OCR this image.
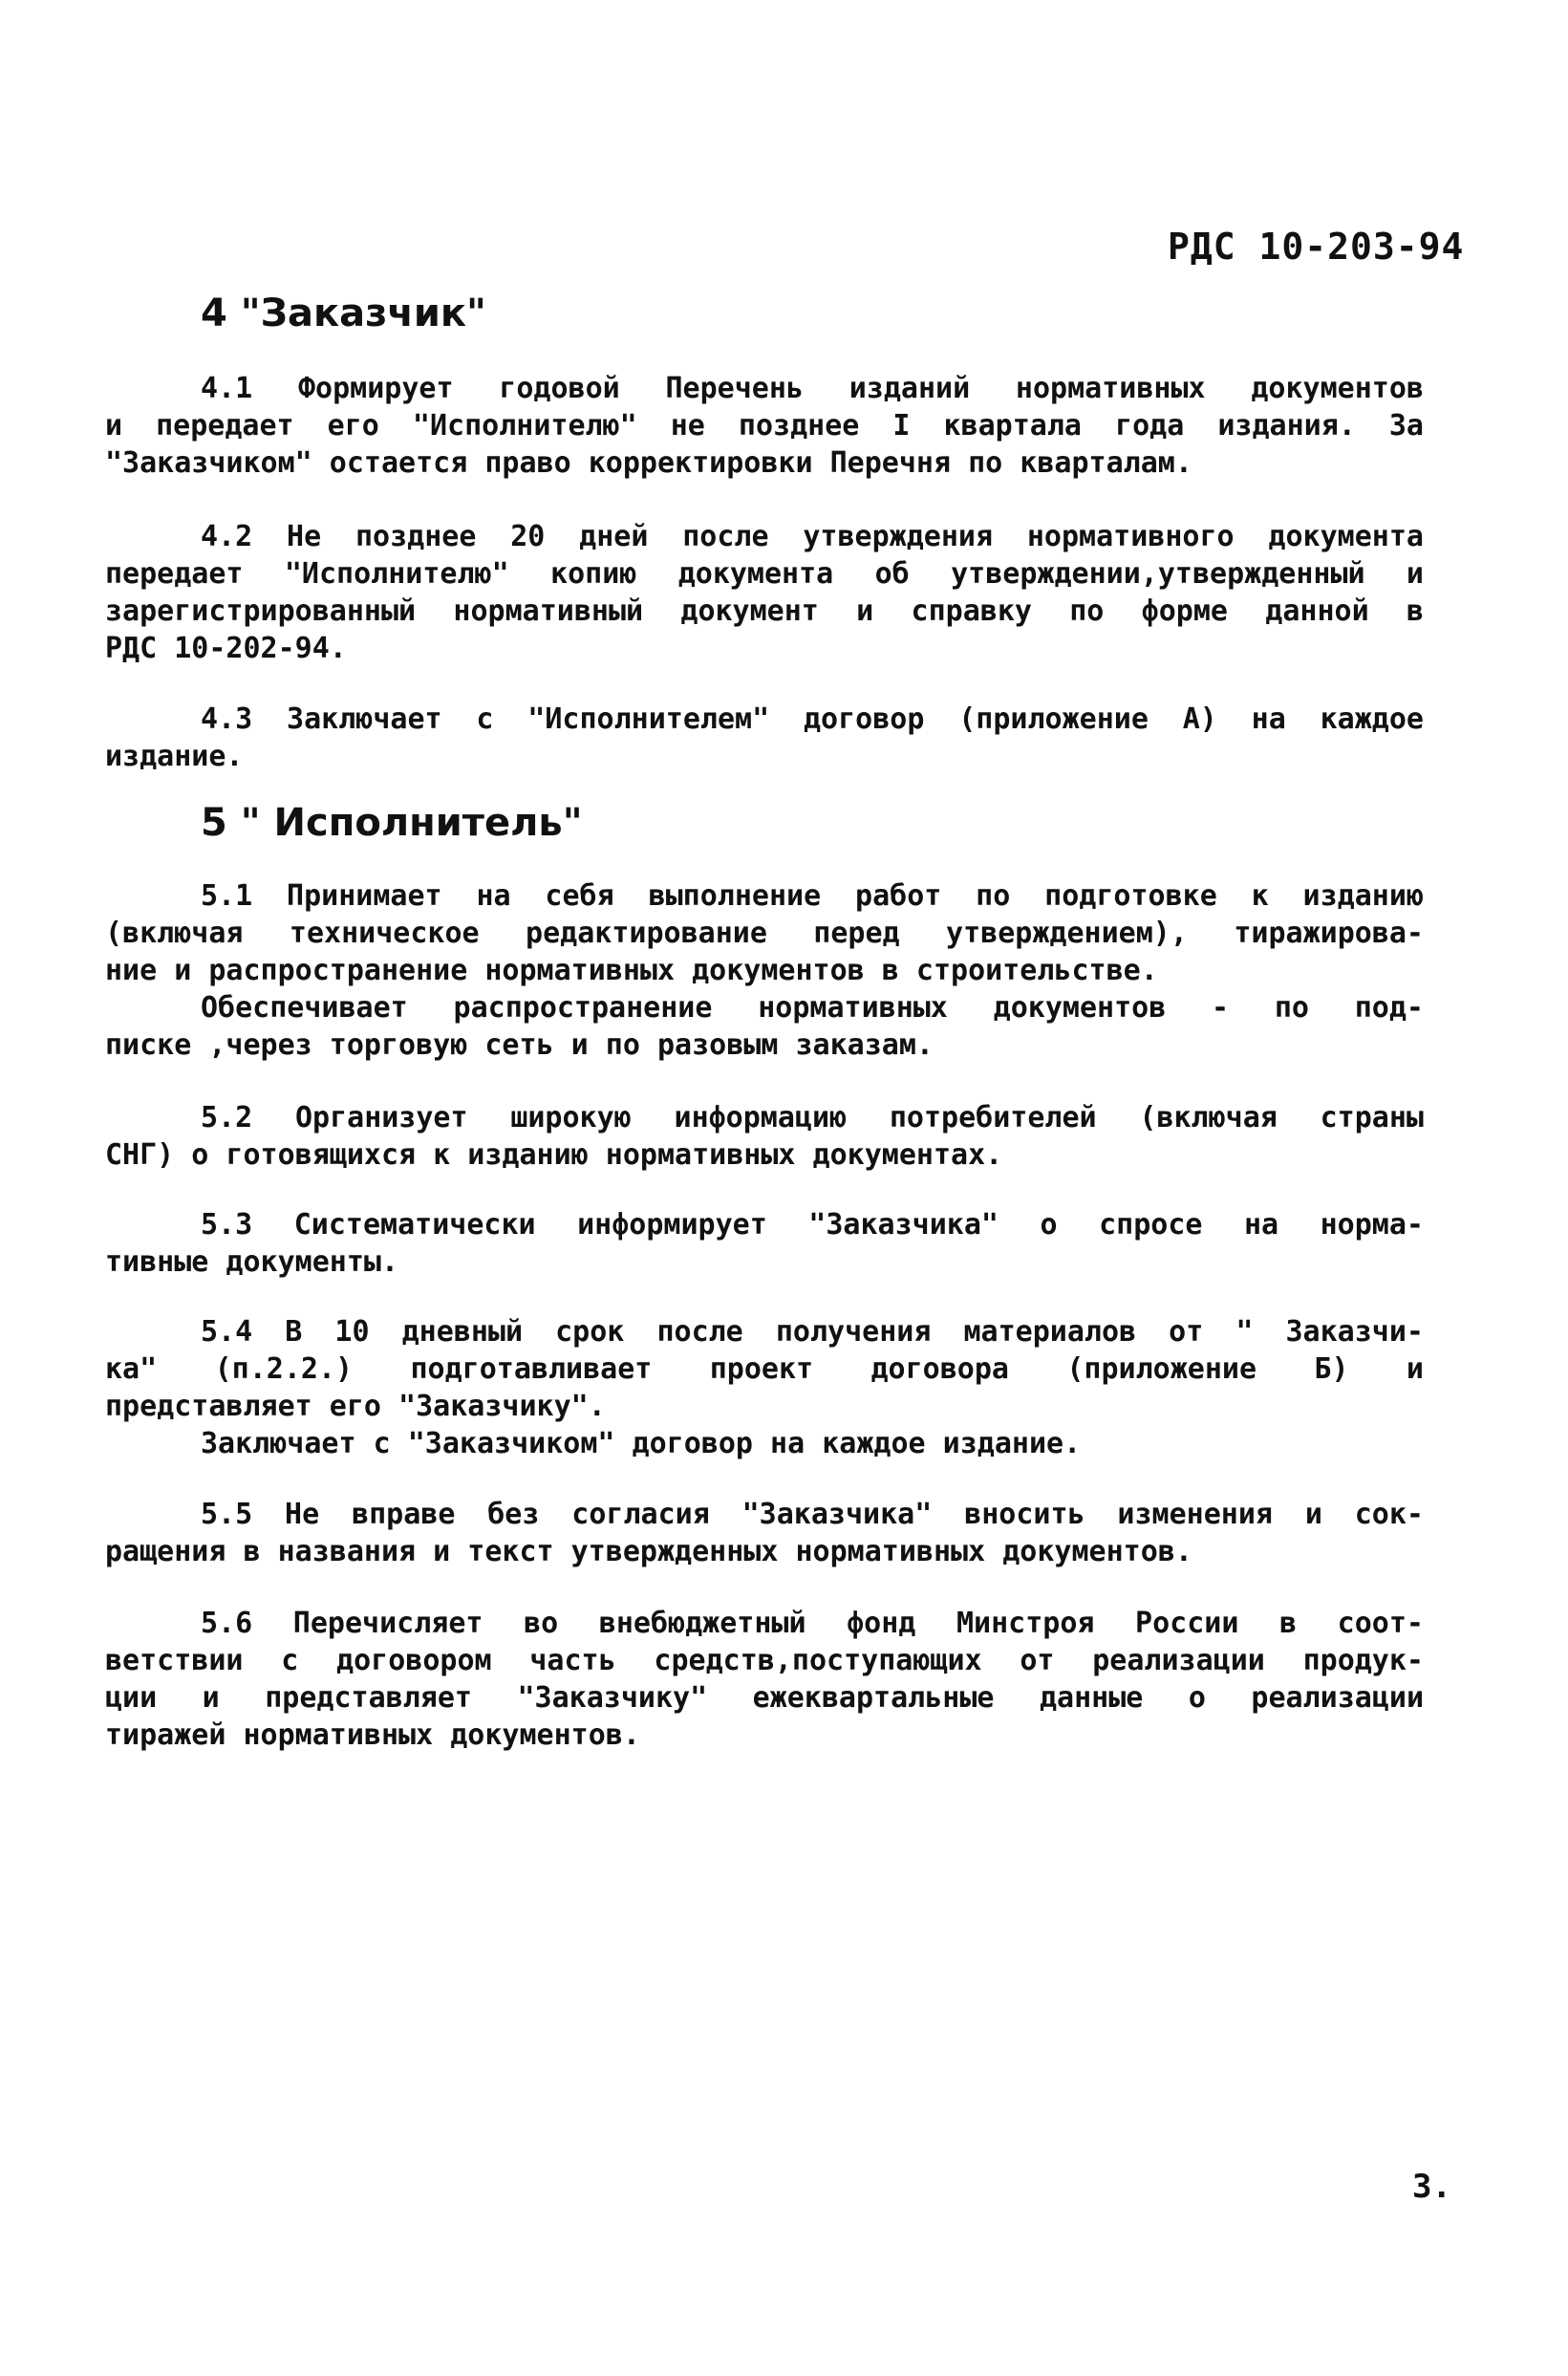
РДС 10-203-94
4 "Заказчик"
4.1 Формирует годовой Перечень изданий нормативных документов
и передает его "Исполнителю" не позднее I квартала года издания. За
"Заказчиком" остается право корректировки Перечня по кварталам.
4.2 Не позднее 20 дней после утверждения нормативного документа
передает "Исполнителю" копию документа об утверждении,утвержденный и
зарегистрированный нормативный документ и справку по форме данной в
РДС 10-202-94.
4.3 Заключает с "Исполнителем" договор (приложение А) на каждое
издание.
5 " Исполнитель"
5.1 Принимает на себя выполнение работ по подготовке к изданию
(включая техническое редактирование перед утверждением), тиражирова-
ние и распространение нормативных документов в строительстве.
Обеспечивает распространение нормативных документов - по под-
писке ,через торговую сеть и по разовым заказам.
5.2 Организует широкую информацию потребителей (включая страны
СНГ) о готовящихся к изданию нормативных документах.
5.3 Систематически информирует "Заказчика" о спросе на норма-
тивные документы.
5.4 В 10 дневный срок после получения материалов от " Заказчи-
ка" (п.2.2.) подготавливает проект договора (приложение Б) и
представляет его "Заказчику".
Заключает с "Заказчиком" договор на каждое издание.
5.5 Не вправе без согласия "Заказчика" вносить изменения и сок-
ращения в названия и текст утвержденных нормативных документов.
5.6 Перечисляет во внебюджетный фонд Минстроя России в соот-
ветствии с договором часть средств,поступающих от реализации продук-
ции и представляет "Заказчику" ежеквартальные данные о реализации
тиражей нормативных документов.
3.
